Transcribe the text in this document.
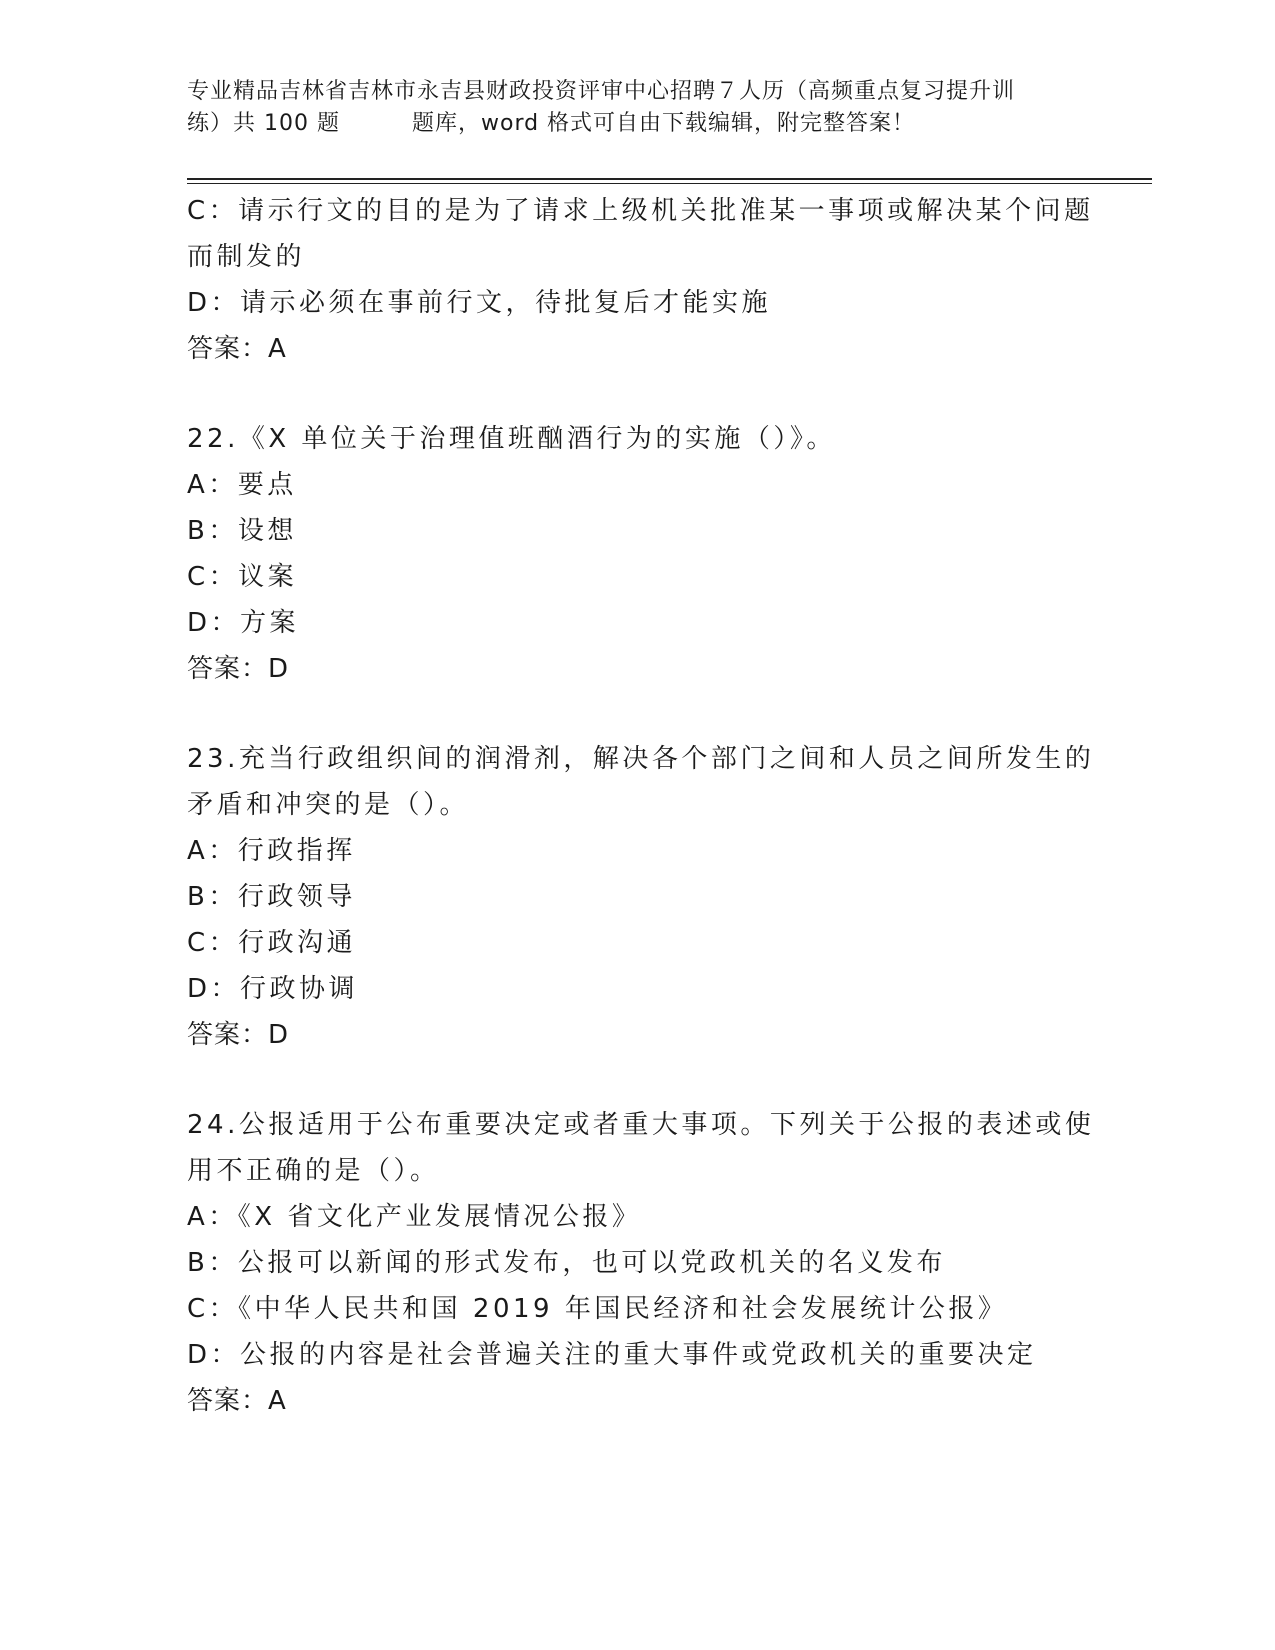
专业精品吉林省吉林市永吉县财政投资评审中心招聘７人历（高频重点复习提升训
练）共 100 题	题库，word 格式可自由下载编辑，附完整答案！
C：请示行文的目的是为了请求上级机关批准某一事项或解决某个问题
而制发的
D：请示必须在事前行文，待批复后才能实施
答案：A
22.《X 单位关于治理值班酗酒行为的实施（）》。
A：要点
B：设想
C：议案
D：方案
答案：D
23.充当行政组织间的润滑剂，解决各个部门之间和人员之间所发生的
矛盾和冲突的是（）。
A：行政指挥
B：行政领导
C：行政沟通
D：行政协调
答案：D
24.公报适用于公布重要决定或者重大事项。下列关于公报的表述或使
用不正确的是（）。
A：《X 省文化产业发展情况公报》
B：公报可以新闻的形式发布，也可以党政机关的名义发布
C：《中华人民共和国 2019 年国民经济和社会发展统计公报》
D：公报的内容是社会普遍关注的重大事件或党政机关的重要决定
答案：A
